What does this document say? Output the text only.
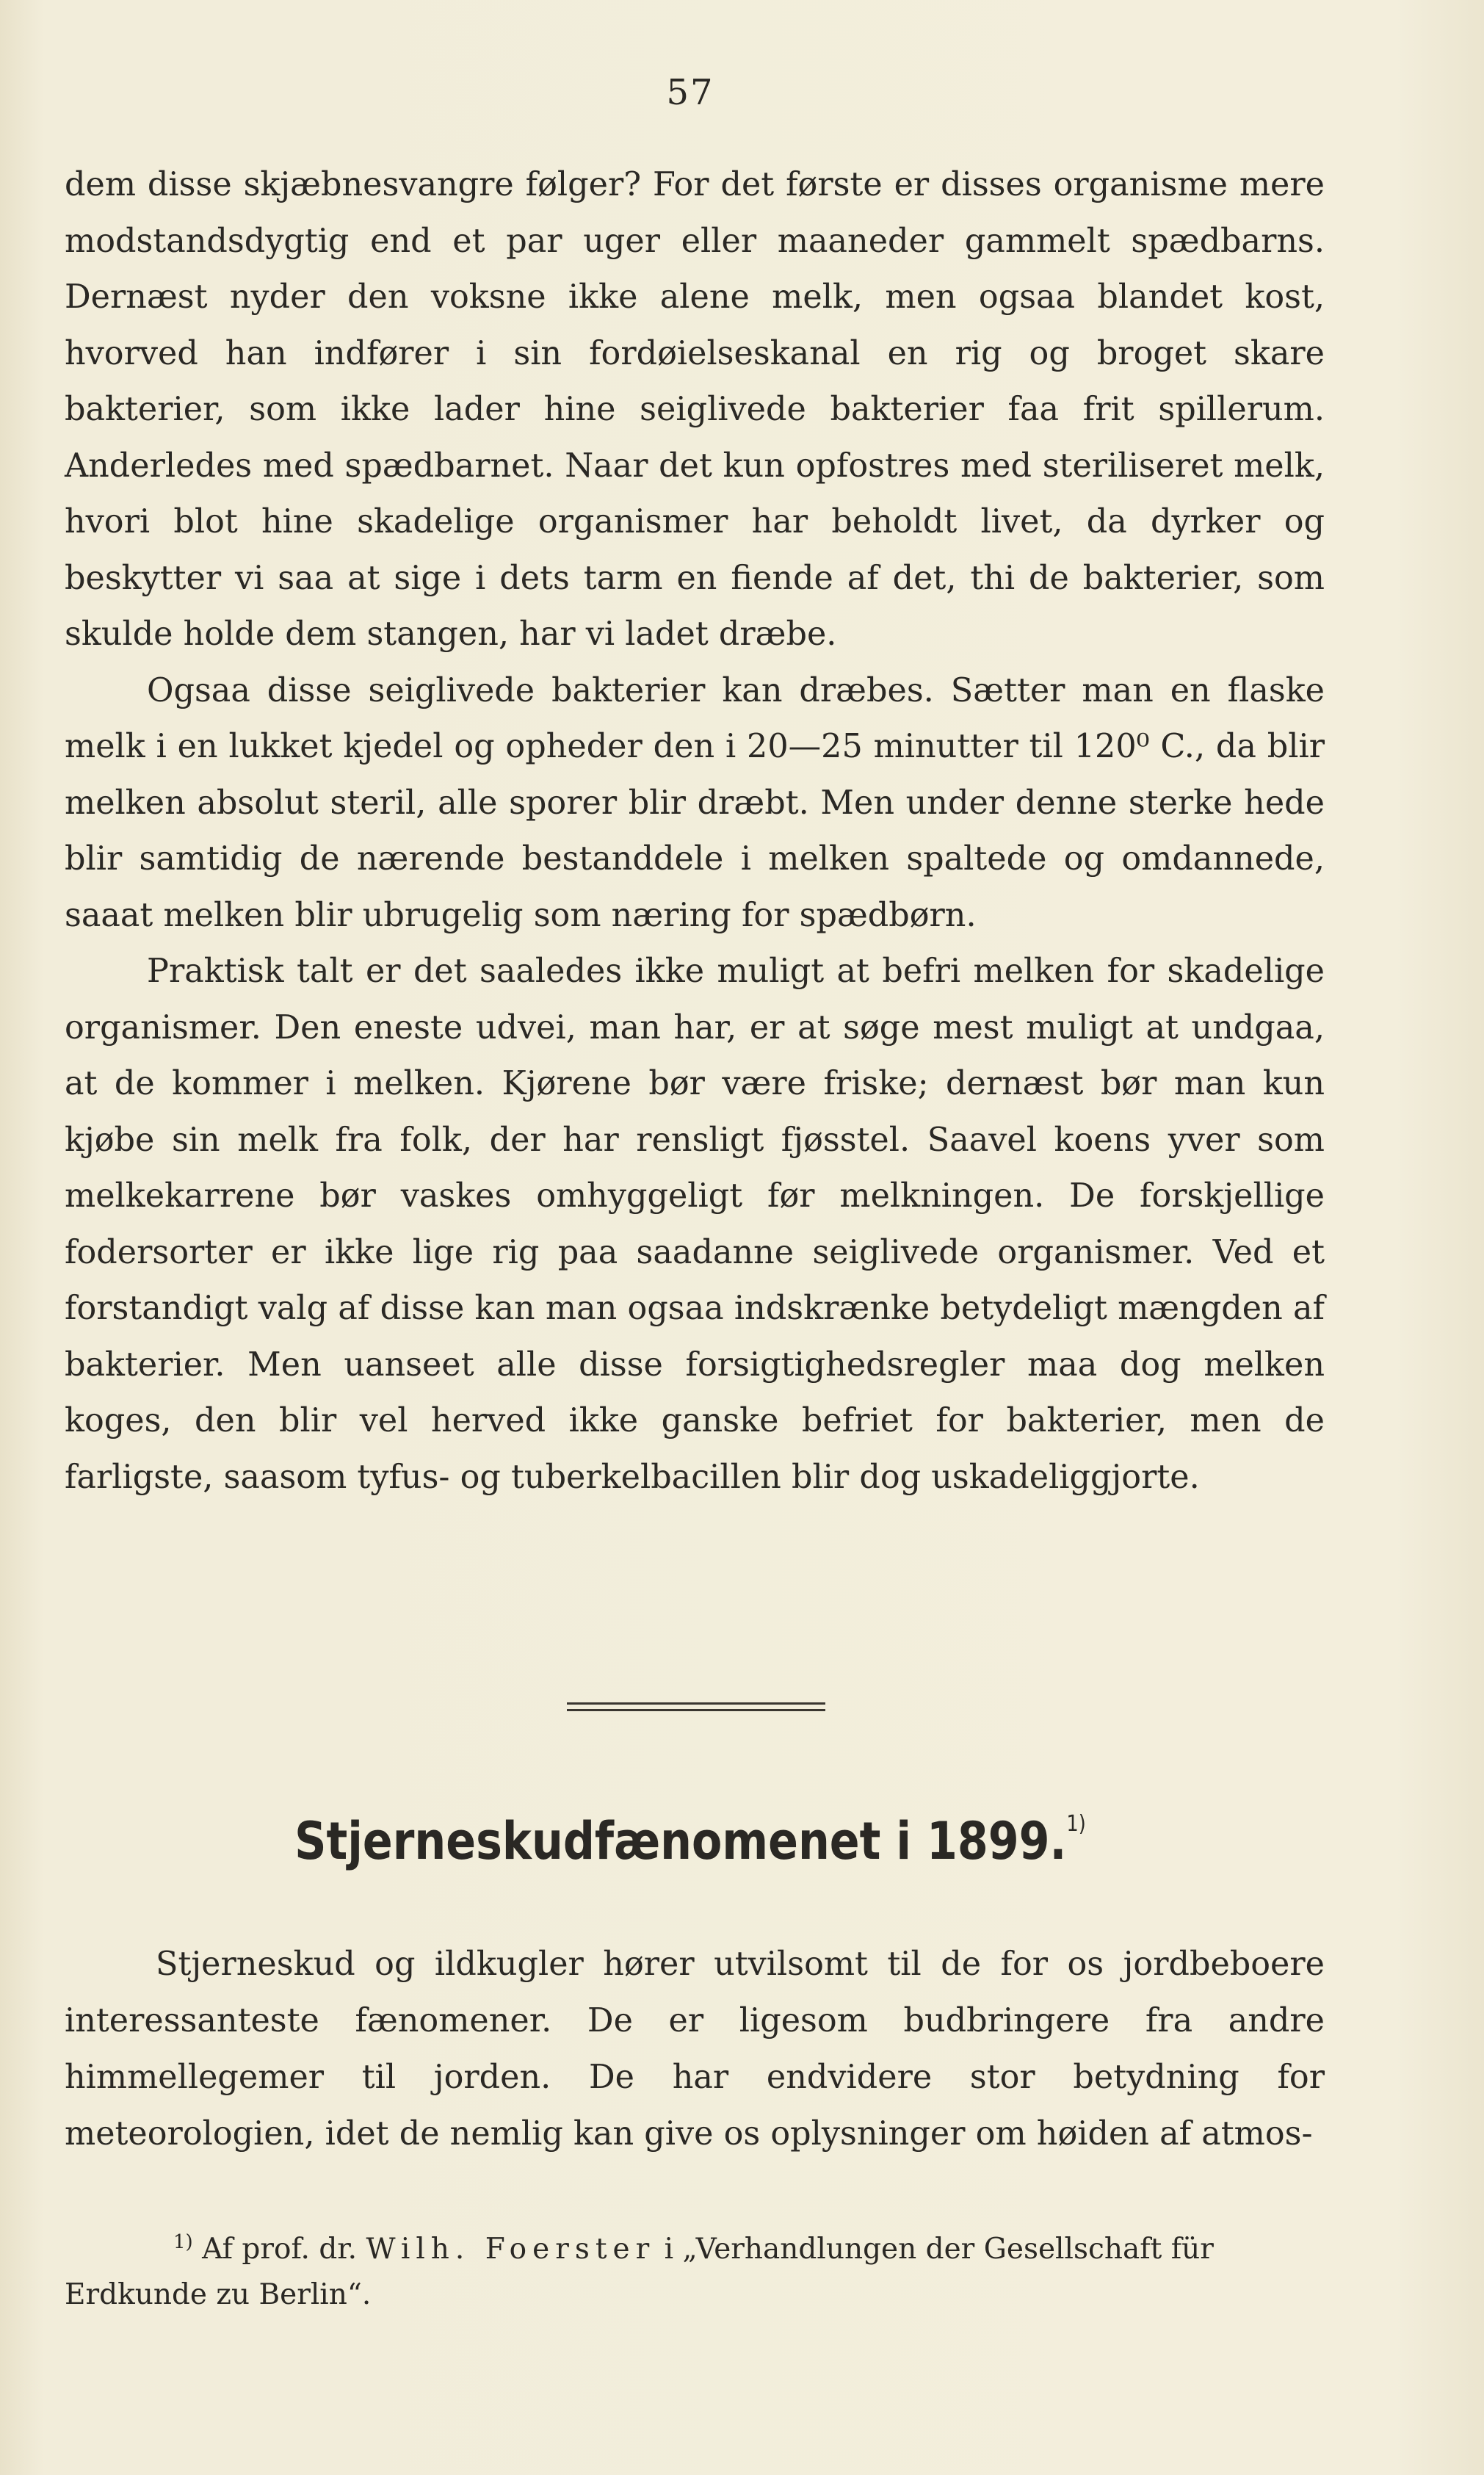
57

dem disse skjæbnesvangre følger? For det første er disses organisme mere modstandsdygtig end et par uger eller maaneder gammelt spædbarns. Dernæst nyder den voksne ikke alene melk, men ogsaa blandet kost, hvorved han indfører i sin fordøielseskanal en rig og broget skare bakterier, som ikke lader hine seiglivede bakterier faa frit spillerum. Anderledes med spædbarnet. Naar det kun opfostres med steriliseret melk, hvori blot hine skadelige organismer har beholdt livet, da dyrker og beskytter vi saa at sige i dets tarm en fiende af det, thi de bakterier, som skulde holde dem stangen, har vi ladet dræbe.

Ogsaa disse seiglivede bakterier kan dræbes. Sætter man en flaske melk i en lukket kjedel og opheder den i 20—25 minutter til 120⁰ C., da blir melken absolut steril, alle sporer blir dræbt. Men under denne sterke hede blir samtidig de nærende bestanddele i melken spaltede og omdannede, saaat melken blir ubrugelig som næring for spædbørn.

Praktisk talt er det saaledes ikke muligt at befri melken for skadelige organismer. Den eneste udvei, man har, er at søge mest muligt at undgaa, at de kommer i melken. Kjørene bør være friske; dernæst bør man kun kjøbe sin melk fra folk, der har rensligt fjøsstel. Saavel koens yver som melkekarrene bør vaskes omhyggeligt før melkningen. De forskjellige fodersorter er ikke lige rig paa saadanne seiglivede organismer. Ved et forstandigt valg af disse kan man ogsaa indskrænke betydeligt mængden af bakterier. Men uanseet alle disse forsigtighedsregler maa dog melken koges, den blir vel herved ikke ganske befriet for bakterier, men de farligste, saasom tyfus- og tuberkelbacillen blir dog uskadeliggjorte.

Stjerneskudfænomenet i 1899.$^{1)}$

Stjerneskud og ildkugler hører utvilsomt til de for os jordbeboere interessanteste fænomener. De er ligesom budbringere fra andre himmellegemer til jorden. De har endvidere stor betydning for meteorologien, idet de nemlig kan give os oplysninger om høiden af atmos-

$^{1)}$ Af prof. dr. Wilh. Foerster i „Verhandlungen der Gesellschaft für Erdkunde zu Berlin“.
